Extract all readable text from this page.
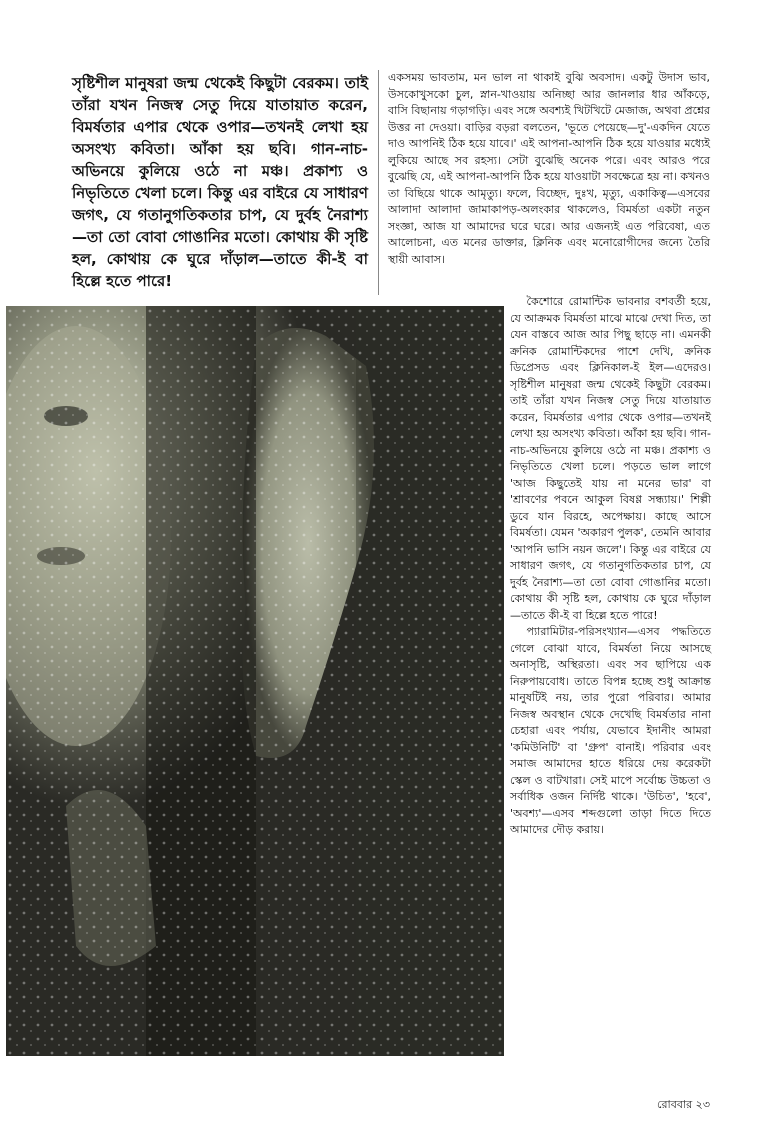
সৃষ্টিশীল মানুষরা জন্ম থেকেই কিছুটা বেরকম। তাই তাঁরা যখন নিজস্ব সেতু দিয়ে যাতায়াত করেন, বিমর্ষতার এপার থেকে ওপার—তখনই লেখা হয় অসংখ্য কবিতা। আঁকা হয় ছবি। গান-নাচ-অভিনয়ে কুলিয়ে ওঠে না মঞ্চ। প্রকাশ্য ও নিভৃতিতে খেলা চলে। কিন্তু এর বাইরে যে সাধারণ জগৎ, যে গতানুগতিকতার চাপ, যে দুর্বহ নৈরাশ্য—তা তো বোবা গোঙানির মতো। কোথায় কী সৃষ্টি হল, কোথায় কে ঘুরে দাঁড়াল—তাতে কী-ই বা হিল্লে হতে পারে!

একসময় ভাবতাম, মন ভাল না থাকাই বুঝি অবসাদ। একটু উদাস ভাব, উসকোখুসকো চুল, স্নান-খাওয়ায় অনিচ্ছা আর জানলার ধার আঁকড়ে, বাসি বিছানায় গড়াগড়ি। এবং সঙ্গে অবশ্যই খিটখিটে মেজাজ, অথবা প্রশ্নের উত্তর না দেওয়া। বাড়ির বড়রা বলতেন, 'ভূতে পেয়েছে—দু'-একদিন যেতে দাও আপনিই ঠিক হয়ে যাবে।' এই আপনা-আপনি ঠিক হয়ে যাওয়ার মধ্যেই লুকিয়ে আছে সব রহস্য। সেটা বুঝেছি অনেক পরে। এবং আরও পরে বুঝেছি যে, এই আপনা-আপনি ঠিক হয়ে যাওয়াটা সবক্ষেত্রে হয় না। কখনও তা বিছিয়ে থাকে আমৃত্যু। ফলে, বিচ্ছেদ, দুঃখ, মৃত্যু, একাকিত্ব—এসবের আলাদা আলাদা জামাকাপড়-অলংকার থাকলেও, বিমর্ষতা একটা নতুন সংজ্ঞা, আজ যা আমাদের ঘরে ঘরে। আর এজন্যই এত পরিবেষা, এত আলোচনা, এত মনের ডাক্তার, ক্লিনিক এবং মনোরোগীদের জন্যে তৈরি স্থায়ী আবাস।

কৈশোরে রোমান্টিক ভাবনার বশবর্তী হয়ে, যে আক্রমক বিমর্ষতা মাঝে মাঝে দেখা দিত, তা যেন বাস্তবে আজ আর পিছু ছাড়ে না। এমনকী ক্রনিক রোমান্টিকদের পাশে দেখি, ক্রনিক ডিপ্রেসড এবং ক্লিনিকাল-ই ইল—এদেরও। সৃষ্টিশীল মানুষরা জন্ম থেকেই কিছুটা বেরকম। তাই তাঁরা যখন নিজস্ব সেতু দিয়ে যাতায়াত করেন, বিমর্ষতার এপার থেকে ওপার—তখনই লেখা হয় অসংখ্য কবিতা। আঁকা হয় ছবি। গান-নাচ-অভিনয়ে কুলিয়ে ওঠে না মঞ্চ। প্রকাশ্য ও নিভৃতিতে খেলা চলে। পড়তে ভাল লাগে 'আজ কিছুতেই যায় না মনের ভার' বা 'শ্রাবণের পবনে আকুল বিষণ্ণ সন্ধ্যায়।' শিল্পী ডুবে যান বিরহে, অপেক্ষায়। কাছে আসে বিমর্ষতা। যেমন 'অকারণ পুলক', তেমনি আবার 'আপনি ভাসি নয়ন জলে'। কিন্তু এর বাইরে যে সাধারণ জগৎ, যে গতানুগতিকতার চাপ, যে দুর্বহ নৈরাশ্য—তা তো বোবা গোঙানির মতো। কোথায় কী সৃষ্টি হল, কোথায় কে ঘুরে দাঁড়াল—তাতে কী-ই বা হিল্লে হতে পারে!

প্যারামিটার-পরিসংখ্যান—এসব পদ্ধতিতে গেলে বোঝা যাবে, বিমর্ষতা নিয়ে আসছে অনাসৃষ্টি, অস্থিরতা। এবং সব ছাপিয়ে এক নিরুপায়বোধ। তাতে বিপন্ন হচ্ছে শুধু আক্রান্ত মানুষটিই নয়, তার পুরো পরিবার। আমার নিজস্ব অবস্থান থেকে দেখেছি বিমর্ষতার নানা চেহারা এবং পর্যায়, যেভাবে ইদানীং আমরা 'কমিউনিটি' বা 'গ্রুপ' বানাই। পরিবার এবং সমাজ আমাদের হাতে ধরিয়ে দেয় করেকটা স্কেল ও বাটখারা। সেই মাপে সর্বোচ্চ উচ্চতা ও সর্বাধিক ওজন নির্দিষ্ট থাকে। 'উচিত', 'হবে', 'অবশ্য'—এসব শব্দগুলো তাড়া দিতে দিতে আমাদের দৌড় করায়।

রোববার ২৩
